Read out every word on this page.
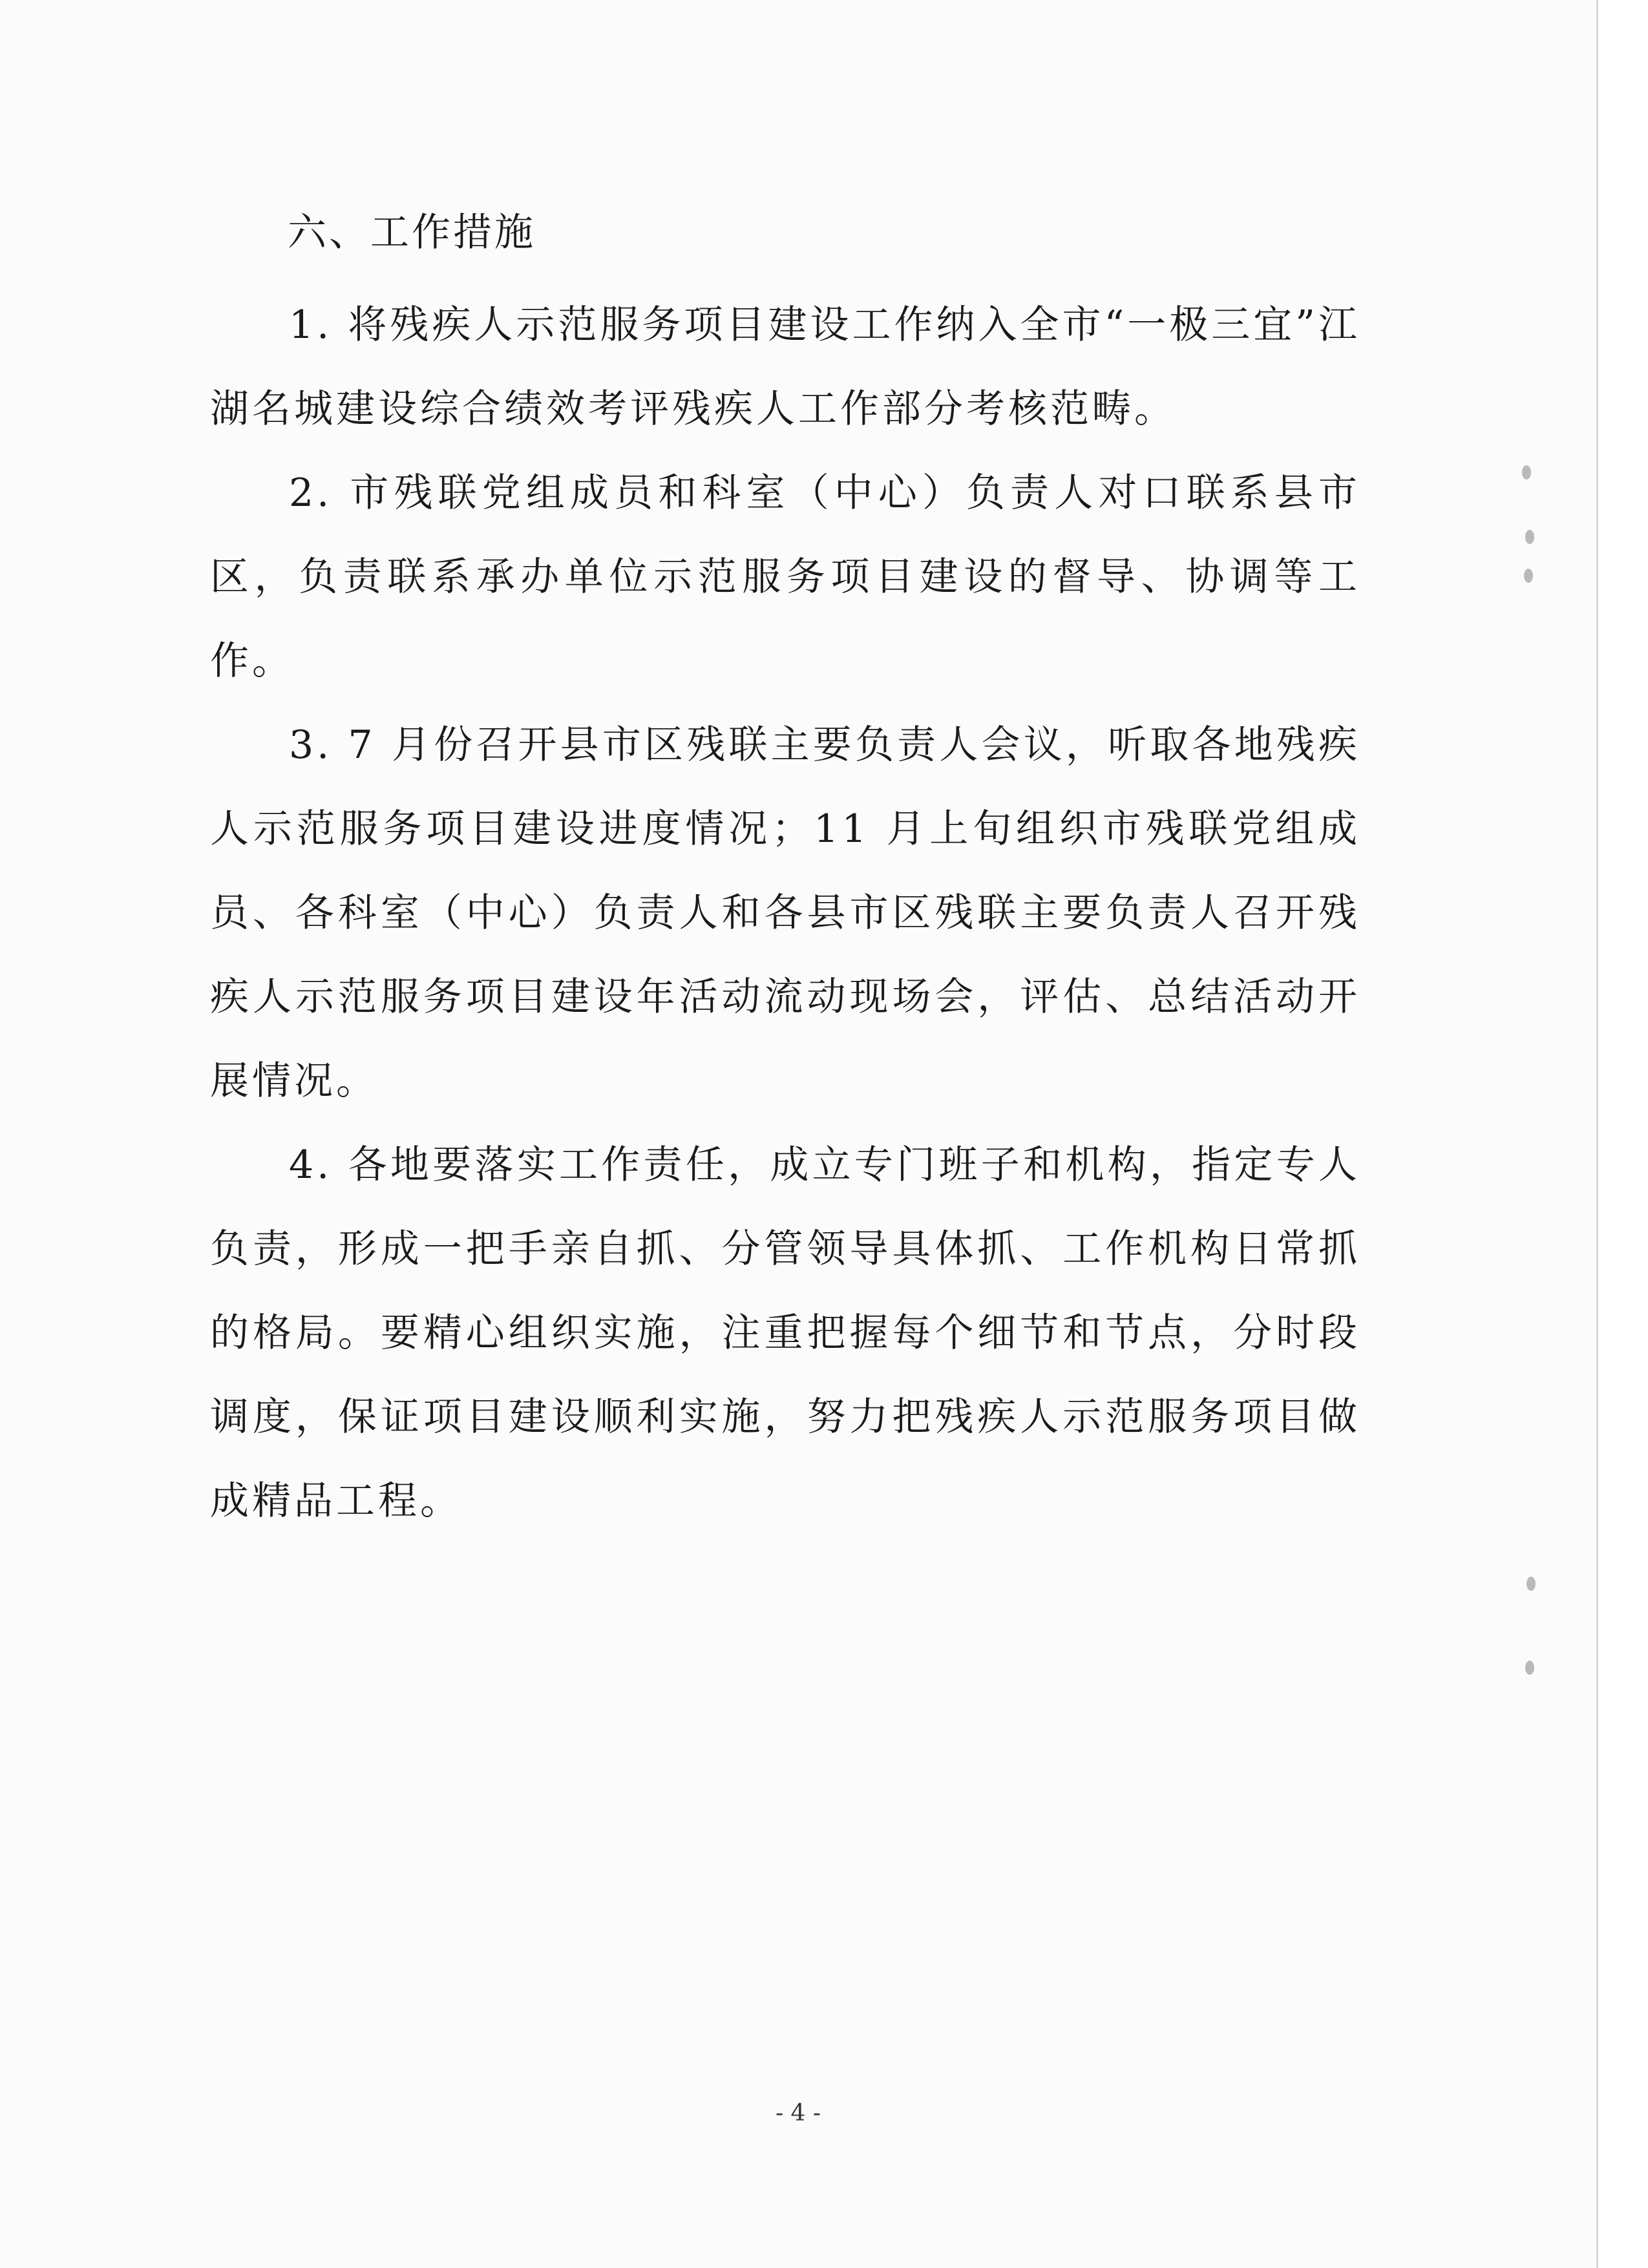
六、工作措施

1. 将残疾人示范服务项目建设工作纳入全市“一极三宜”江湖名城建设综合绩效考评残疾人工作部分考核范畴。

2. 市残联党组成员和科室（中心）负责人对口联系县市区，负责联系承办单位示范服务项目建设的督导、协调等工作。

3. 7 月份召开县市区残联主要负责人会议，听取各地残疾人示范服务项目建设进度情况；11 月上旬组织市残联党组成员、各科室（中心）负责人和各县市区残联主要负责人召开残疾人示范服务项目建设年活动流动现场会，评估、总结活动开展情况。

4. 各地要落实工作责任，成立专门班子和机构，指定专人负责，形成一把手亲自抓、分管领导具体抓、工作机构日常抓的格局。要精心组织实施，注重把握每个细节和节点，分时段调度，保证项目建设顺利实施，努力把残疾人示范服务项目做成精品工程。

- 4 -
